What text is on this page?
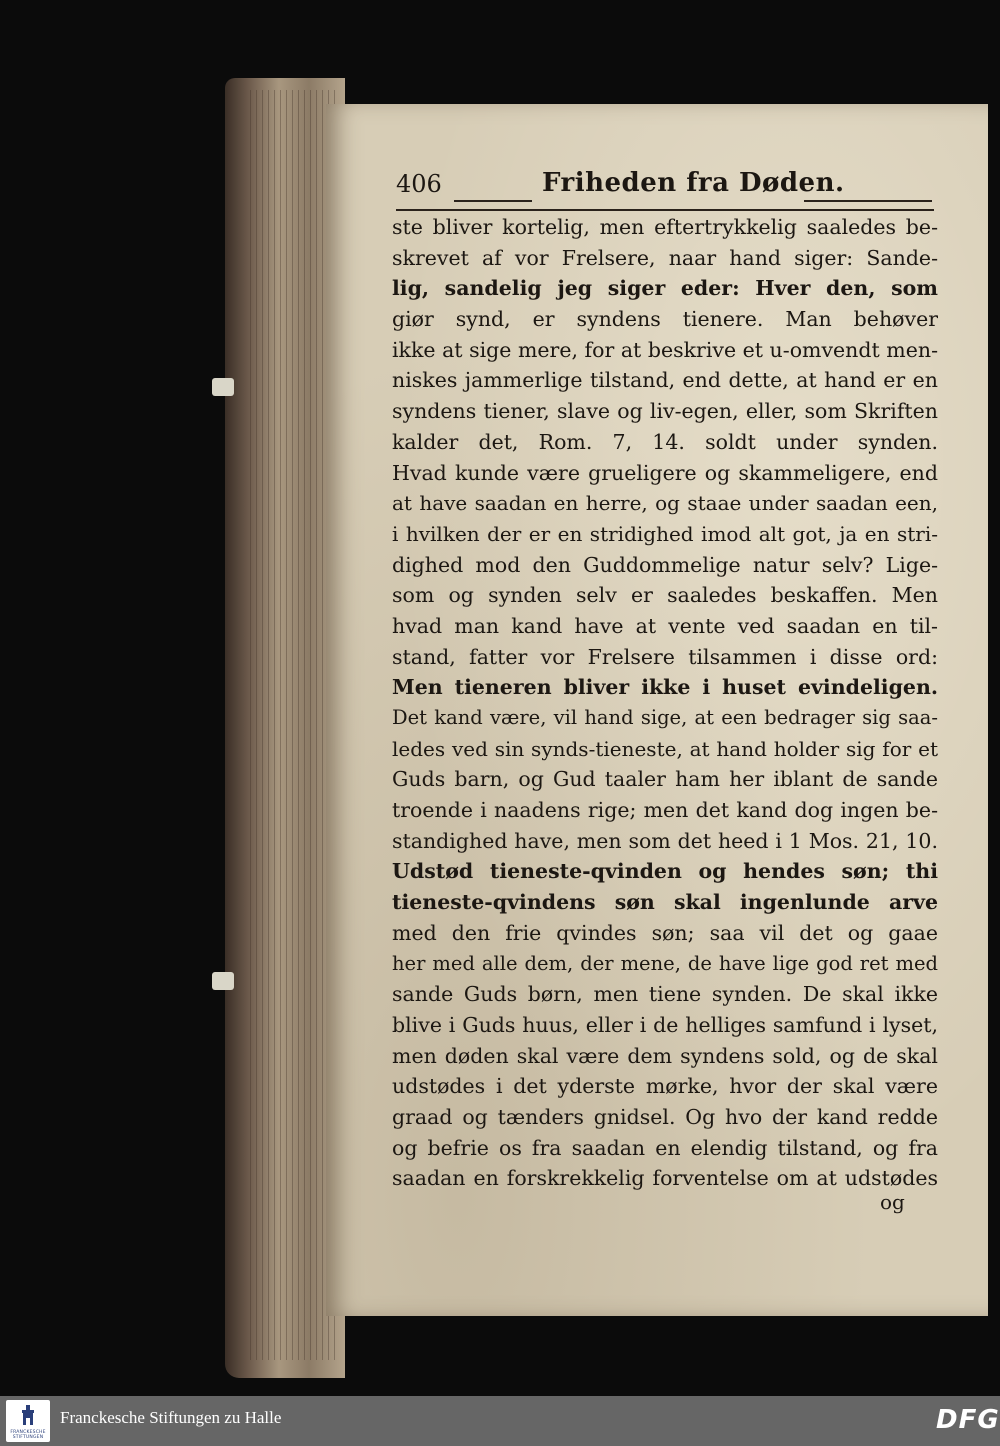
406	Friheden fra Døden.
ste bliver kortelig, men eftertrykkelig saaledes be-
skrevet af vor Frelsere, naar hand siger: Sande-
lig, sandelig jeg siger eder: Hver den, som
giør synd, er syndens tienere. Man behøver
ikke at sige mere, for at beskrive et u-omvendt men-
niskes jammerlige tilstand, end dette, at hand er en
syndens tiener, slave og liv-egen, eller, som Skriften
kalder det, Rom. 7, 14. soldt under synden.
Hvad kunde være grueligere og skammeligere, end
at have saadan en herre, og staae under saadan een,
i hvilken der er en stridighed imod alt got, ja en stri-
dighed mod den Guddommelige natur selv? Lige-
som og synden selv er saaledes beskaffen. Men
hvad man kand have at vente ved saadan en til-
stand, fatter vor Frelsere tilsammen i disse ord:
Men tieneren bliver ikke i huset evindeligen.
Det kand være, vil hand sige, at een bedrager sig saa-
ledes ved sin synds-tieneste, at hand holder sig for et
Guds barn, og Gud taaler ham her iblant de sande
troende i naadens rige; men det kand dog ingen be-
standighed have, men som det heed i 1 Mos. 21, 10.
Udstød tieneste-qvinden og hendes søn; thi
tieneste-qvindens søn skal ingenlunde arve
med den frie qvindes søn; saa vil det og gaae
her med alle dem, der mene, de have lige god ret med
sande Guds børn, men tiene synden. De skal ikke
blive i Guds huus, eller i de helliges samfund i lyset,
men døden skal være dem syndens sold, og de skal
udstødes i det yderste mørke, hvor der skal være
graad og tænders gnidsel. Og hvo der kand redde
og befrie os fra saadan en elendig tilstand, og fra
saadan en forskrekkelig forventelse om at udstødes
og
FRANCKESCHE STIFTUNGEN
Franckesche Stiftungen zu Halle	DFG
